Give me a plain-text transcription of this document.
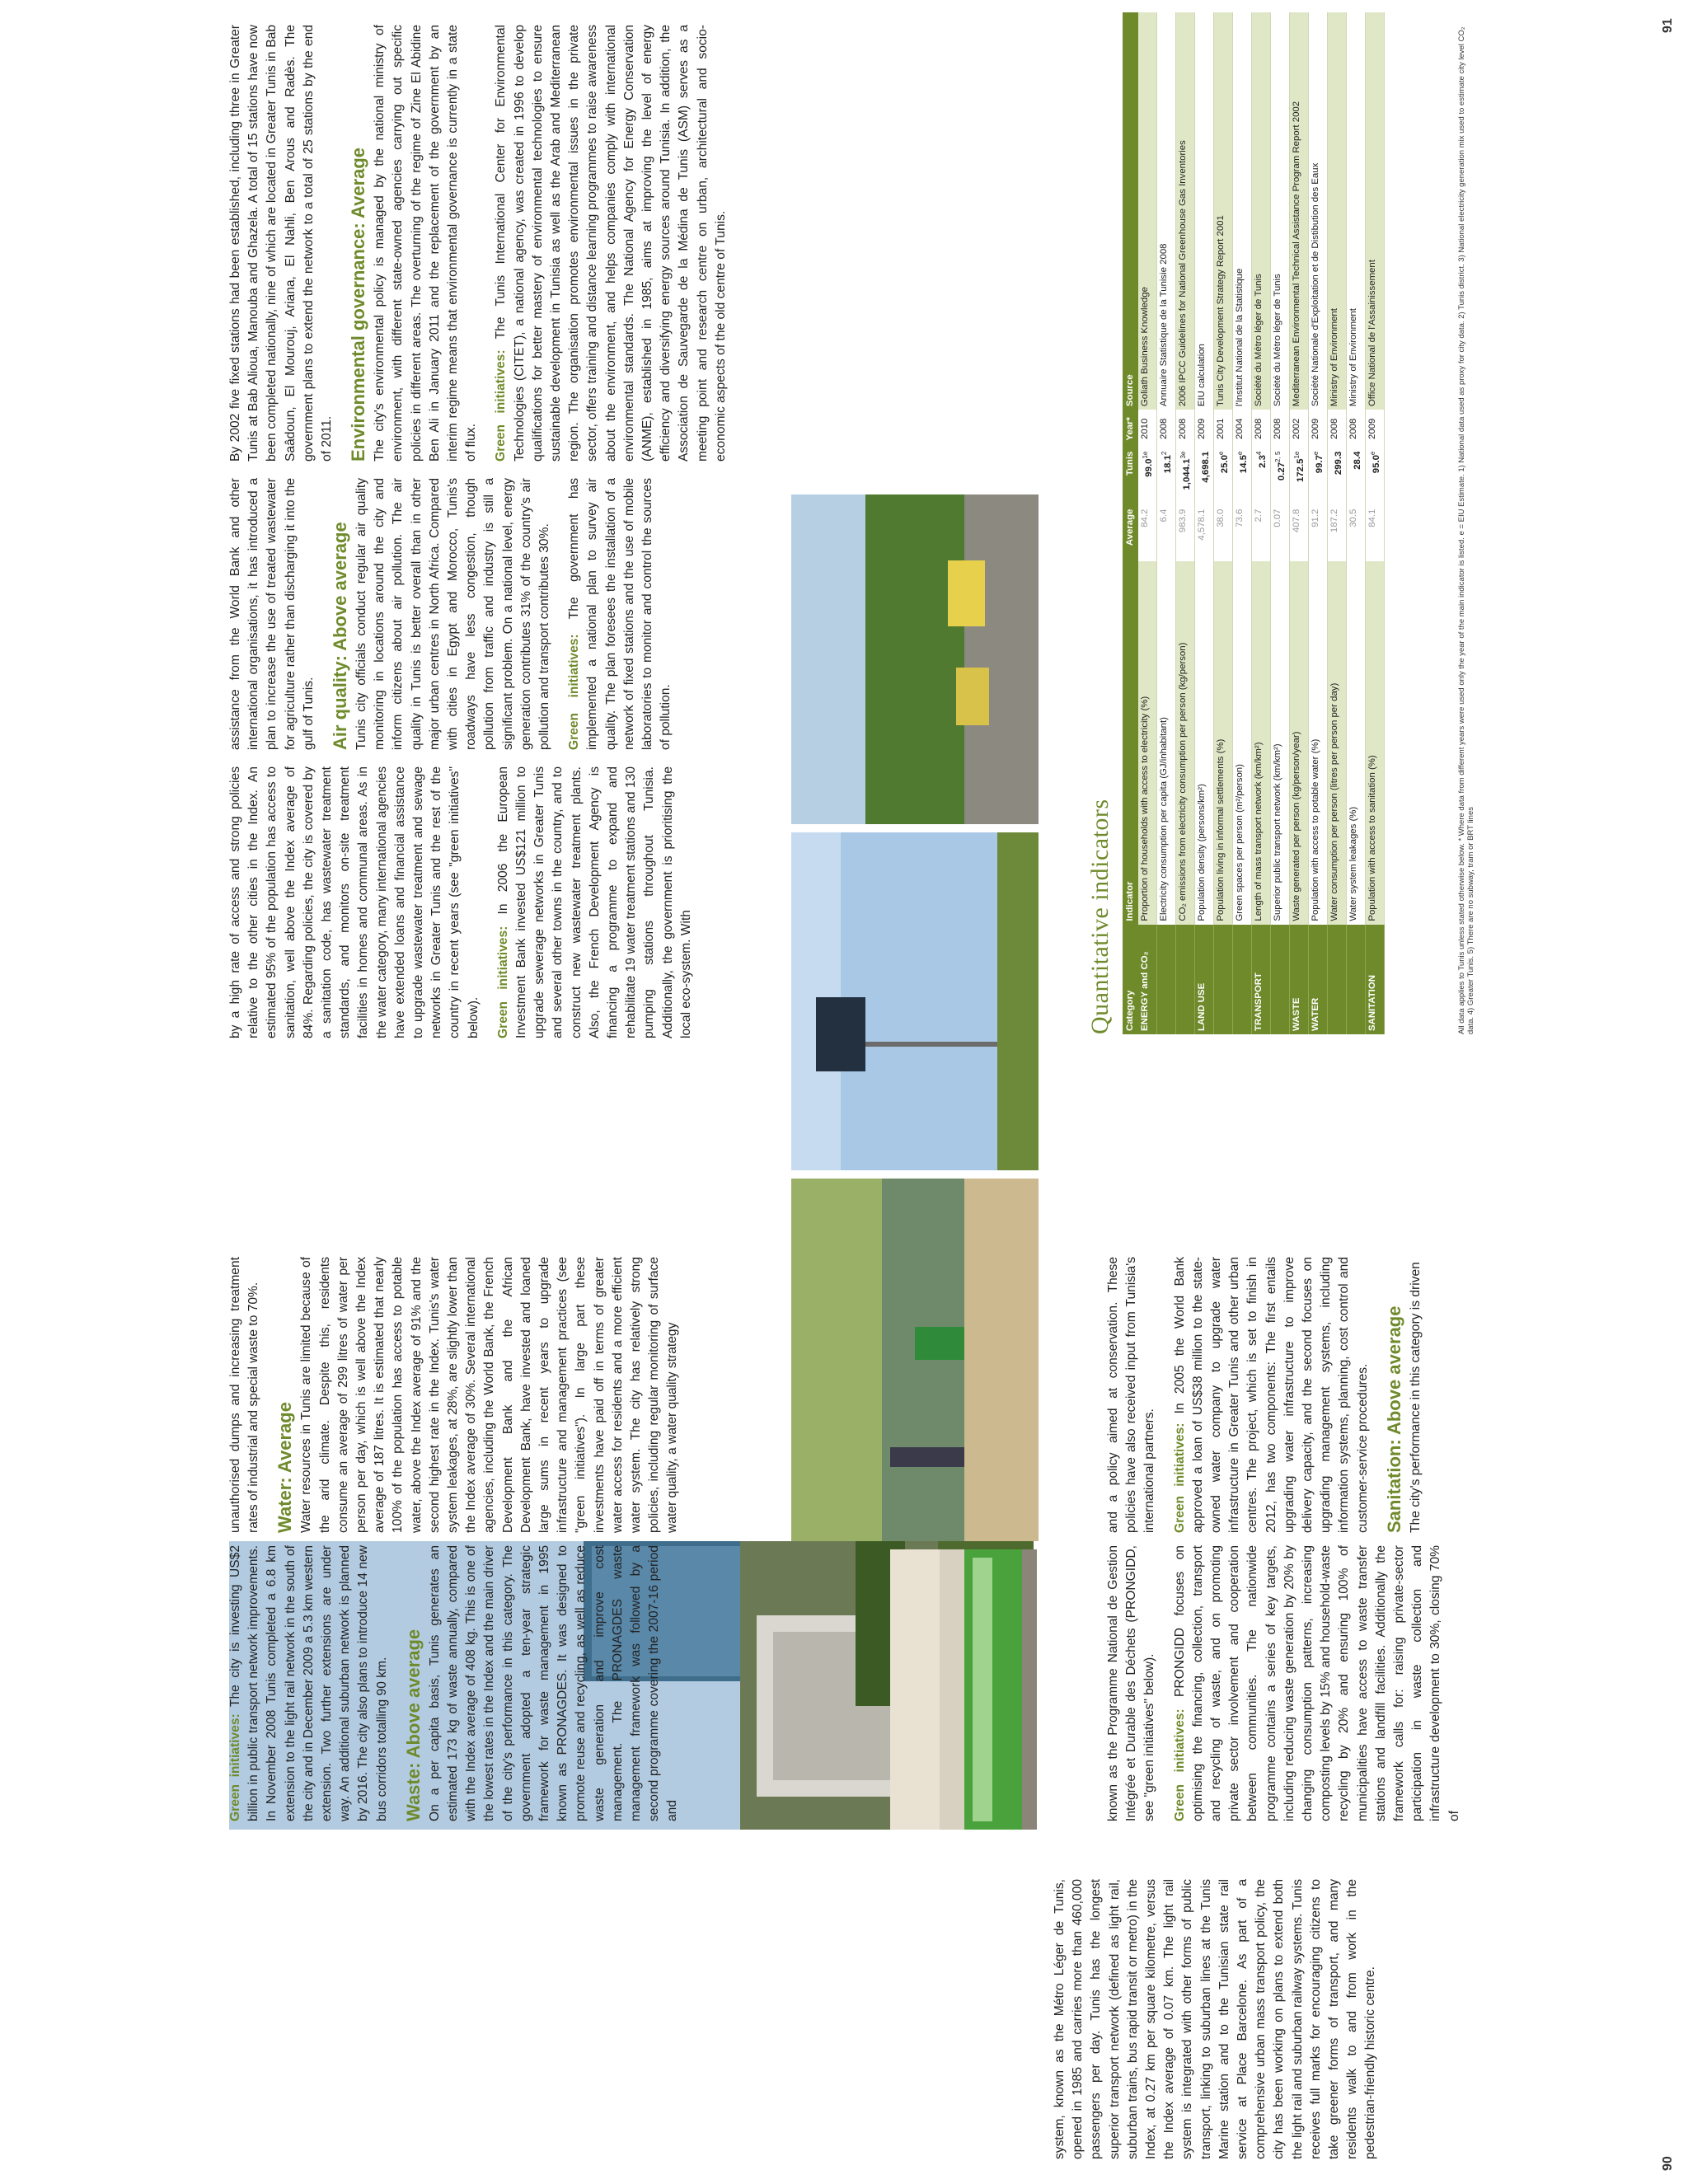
system, known as the Métro Léger de Tunis, opened in 1985 and carries more than 460,000 passengers per day. Tunis has the longest superior transport network (defined as light rail, suburban trains, bus rapid transit or metro) in the Index, at 0.27 km per square kilometre, versus the Index average of 0.07 km. The light rail system is integrated with other forms of public transport, linking to suburban lines at the Tunis Marine station and to the Tunisian state rail service at Place Barcelone. As part of a comprehensive urban mass transport policy, the city has been working on plans to extend both the light rail and suburban railway systems. Tunis receives full marks for encouraging citizens to take greener forms of transport, and many residents walk to and from work in the pedestrian-friendly historic centre.

Green initiatives: The city is investing US$2 billion in public transport network improvements. In November 2008 Tunis completed a 6.8 km extension to the light rail network in the south of the city and in December 2009 a 5.3 km western extension. Two further extensions are under way. An additional suburban network is planned by 2016. The city also plans to introduce 14 new bus corridors totalling 90 km. Waste: Above average On a per capita basis, Tunis generates an estimated 173 kg of waste annually, compared with the Index average of 408 kg. This is one of the lowest rates in the Index and the main driver of the city's performance in this category. The government adopted a ten-year strategic framework for waste management in 1995 known as PRONAGDES. It was designed to promote reuse and recycling, as well as reduce waste generation and improve cost management. The PRONAGDES waste management framework was followed by a second programme covering the 2007-16 period and	known as the Programme National de Gestion Intégrée et Durable des Déchets (PRONGIDD, see "green initiatives" below). Green initiatives: PRONGIDD focuses on optimising the financing, collection, transport and recycling of waste, and on promoting private sector involvement and cooperation between communities. The nationwide programme contains a series of key targets, including reducing waste generation by 20% by changing consumption patterns, increasing composting levels by 15% and household-waste recycling by 20% and ensuring 100% of municipalities have access to waste transfer stations and landfill facilities. Additionally the framework calls for: raising private-sector participation in waste collection and infrastructure development to 30%, closing 70% of

unauthorised dumps and increasing treatment rates of industrial and special waste to 70%. Water: Average Water resources in Tunis are limited because of the arid climate. Despite this, residents consume an average of 299 litres of water per person per day, which is well above the Index average of 187 litres. It is estimated that nearly 100% of the population has access to potable water, above the Index average of 91% and the second highest rate in the Index. Tunis's water system leakages, at 28%, are slightly lower than the Index average of 30%. Several international agencies, including the World Bank, the French Development Bank and the African Development Bank, have invested and loaned large sums in recent years to upgrade infrastructure and management practices (see "green initiatives"). In large part these investments have paid off in terms of greater water access for residents and a more efficient water system. The city has relatively strong policies, including regular monitoring of surface water quality, a water quality strategy	and a policy aimed at conservation. These policies have also received input from Tunisia's international partners. Green initiatives: In 2005 the World Bank approved a loan of US$38 million to the state-owned water company to upgrade water infrastructure in Greater Tunis and other urban centres. The project, which is set to finish in 2012, has two components: The first entails upgrading water infrastructure to improve delivery capacity, and the second focuses on upgrading management systems, including information systems, planning, cost control and customer-service procedures. Sanitation: Above average The city's performance in this category is driven

by a high rate of access and strong policies relative to the other cities in the Index. An estimated 95% of the population has access to sanitation, well above the Index average of 84%. Regarding policies, the city is covered by a sanitation code, has wastewater treatment standards, and monitors on-site treatment facilities in homes and communal areas. As in the water category, many international agencies have extended loans and financial assistance to upgrade wastewater treatment and sewage networks in Greater Tunis and the rest of the country in recent years (see "green initiatives" below). Green initiatives: In 2006 the European Investment Bank invested US$121 million to upgrade sewerage networks in Greater Tunis and several other towns in the country, and to construct new wastewater treatment plants. Also, the French Development Agency is financing a programme to expand and rehabilitate 19 water treatment stations and 130 pumping stations throughout Tunisia. Additionally, the government is prioritising the local eco-system. With

assistance from the World Bank and other international organisations, it has introduced a plan to increase the use of treated wastewater for agriculture rather than discharging it into the gulf of Tunis. Air quality: Above average Tunis city officials conduct regular air quality monitoring in locations around the city and inform citizens about air pollution. The air quality in Tunis is better overall than in other major urban centres in North Africa. Compared with cities in Egypt and Morocco, Tunis's roadways have less congestion, though pollution from traffic and industry is still a significant problem. On a national level, energy generation contributes 31% of the country's air pollution and transport contributes 30%. Green initiatives: The government has implemented a national plan to survey air quality. The plan foresees the installation of a network of fixed stations and the use of mobile laboratories to monitor and control the sources of pollution.

By 2002 five fixed stations had been established, including three in Greater Tunis at Bab Alioua, Manouba and Ghazela. A total of 15 stations have now been completed nationally, nine of which are located in Greater Tunis in Bab Saâdoun, El Mourouj, Ariana, El Nahli, Ben Arous and Radès. The government plans to extend the network to a total of 25 stations by the end of 2011. Environmental governance: Average The city's environmental policy is managed by the national ministry of environment, with different state-owned agencies carrying out specific policies in different areas. The overturning of the regime of Zine El Abidine Ben Ali in January 2011 and the replacement of the government by an interim regime means that environmental governance is currently in a state of flux. Green initiatives: The Tunis International Center for Environmental Technologies (CITET), a national agency, was created in 1996 to develop qualifications for better mastery of environmental technologies to ensure sustainable development in Tunisia as well as the Arab and Mediterranean region. The organisation promotes environmental issues in the private sector, offers training and distance learning programmes to raise awareness about the environment, and helps companies comply with international environmental standards. The National Agency for Energy Conservation (ANME), established in 1985, aims at improving the level of energy efficiency and diversifying energy sources around Tunisia. In addition, the Association de Sauvegarde de la Médina de Tunis (ASM) serves as a meeting point and research centre on urban, architectural and socio-economic aspects of the old centre of Tunis.

Quantitative indicators Category	Indicator	Average	Tunis	Year*	Source
ENERGY and CO₂	Proportion of households with access to electricity (%)	84.2	$99.0^{1e}$	2010	Goliath Business Knowledge
	Electricity consumption per capita (GJ/inhabitant)	6.4	18.1$^2$	2008	Annuaire Statistique de la Tunisie 2008
	CO₂ emissions from electricity consumption per person (kg/person)	983.9	$1,044.1^{3e}$	2008	2006 IPCC Guidelines for National Greenhouse Gas Inventories
LAND USE	Population density (persons/km²)	4,578.1	4,698.1	2009	EIU calculation
	Population living in informal settlements (%)	38.0	25.0e	2001	Tunis City Development Strategy Report 2001
	Green spaces per person (m²/person)	73.6	14.5e	2004	l'Institut National de la Statistique
TRANSPORT	Length of mass transport network (km/km²)	2.7	$2.3^4$	2008	Société du Métro léger de Tunis
	Superior public transport network (km/km²)	0.07	0.27$^{2, 5}$	2008	Société du Métro léger de Tunis
WASTE	Waste generated per person (kg/person/year)	407.8	$172.5^{1e}$	2002	Mediterranean Environmental Technical Assistance Program Report 2002
WATER	Population with access to potable water (%)	91.2	99.7e	2009	Société Nationale d'Exploitation et de Distibution des Eaux
	Water consumption per person (litres per person per day)	187.2	299.3	2008	Ministry of Environment
	Water system leakages (%)	30.5	28.4	2008	Ministry of Environment
SANITATION	Population with access to sanitation (%)	84.1	95.0e	2009	Office National de l'Assainissement	All data applies to Tunis unless stated otherwise below. * Where data from different years were used only the year of the main indicator is listed. e = EIU Estimate. 1) National data used as proxy for city data. 2) Tunis district. 3) National electricity generation mix used to estimate city level CO₂ data. 4) Greater Tunis. 5) There are no subway, tram or BRT lines
90
91
